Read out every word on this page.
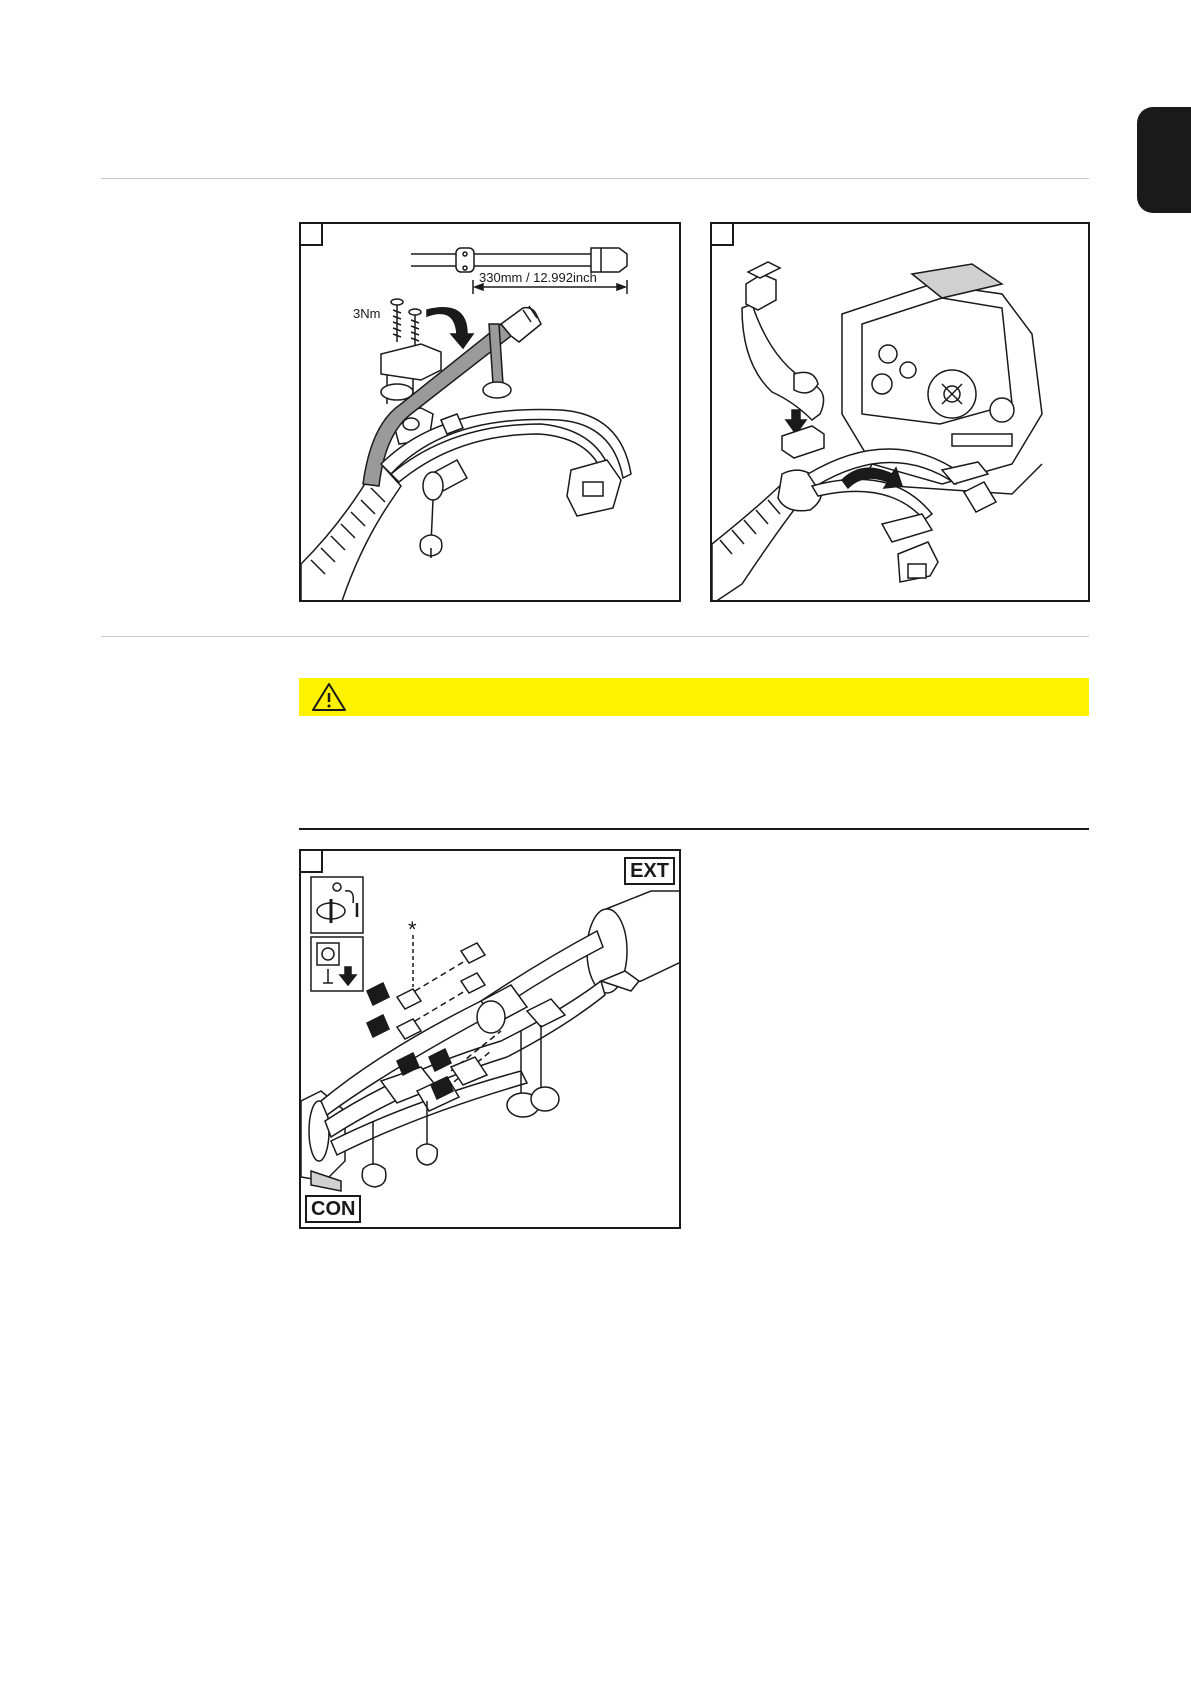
330mm / 12.992inch
3Nm
*
EXT
CON
